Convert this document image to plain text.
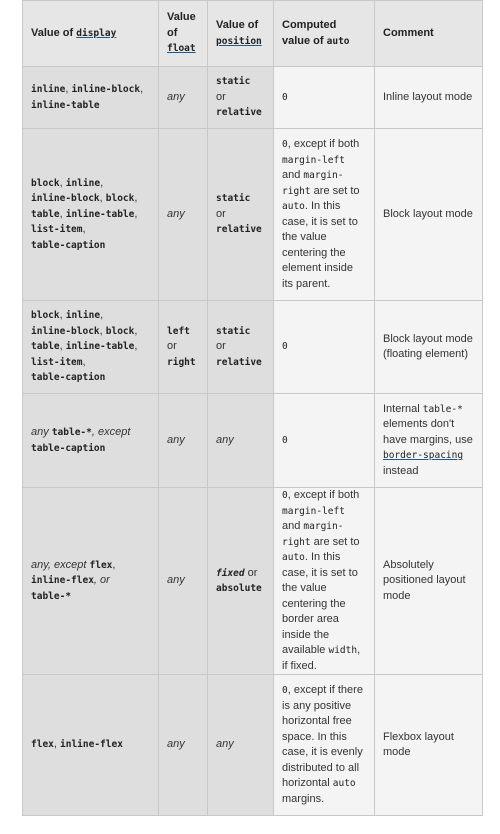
Value of display	Value of float	Value of position	Computed value of auto	Comment
inline, inline-block,
inline-table	any	static
or
relative	0	Inline layout mode
block, inline,
inline-block, block,
table, inline-table,
list-item,
table-caption	any	static
or
relative	0, except if both margin-left and margin-right are set to auto. In this case, it is set to the value centering the element inside its parent.	Block layout mode
block, inline,
inline-block, block,
table, inline-table,
list-item,
table-caption	left
or
right	static
or
relative	0	Block layout mode (floating element)
any table-*, except
table-caption	any	any	0	Internal table-* elements don't have margins, use border-spacing instead
any, except flex,
inline-flex, or
table-*	any	fixed or
absolute	0, except if both margin-left and margin-right are set to auto. In this case, it is set to the value centering the border area inside the available width, if fixed.	Absolutely positioned layout mode
flex, inline-flex	any	any	0, except if there is any positive horizontal free space. In this case, it is evenly distributed to all horizontal auto margins.	Flexbox layout mode
